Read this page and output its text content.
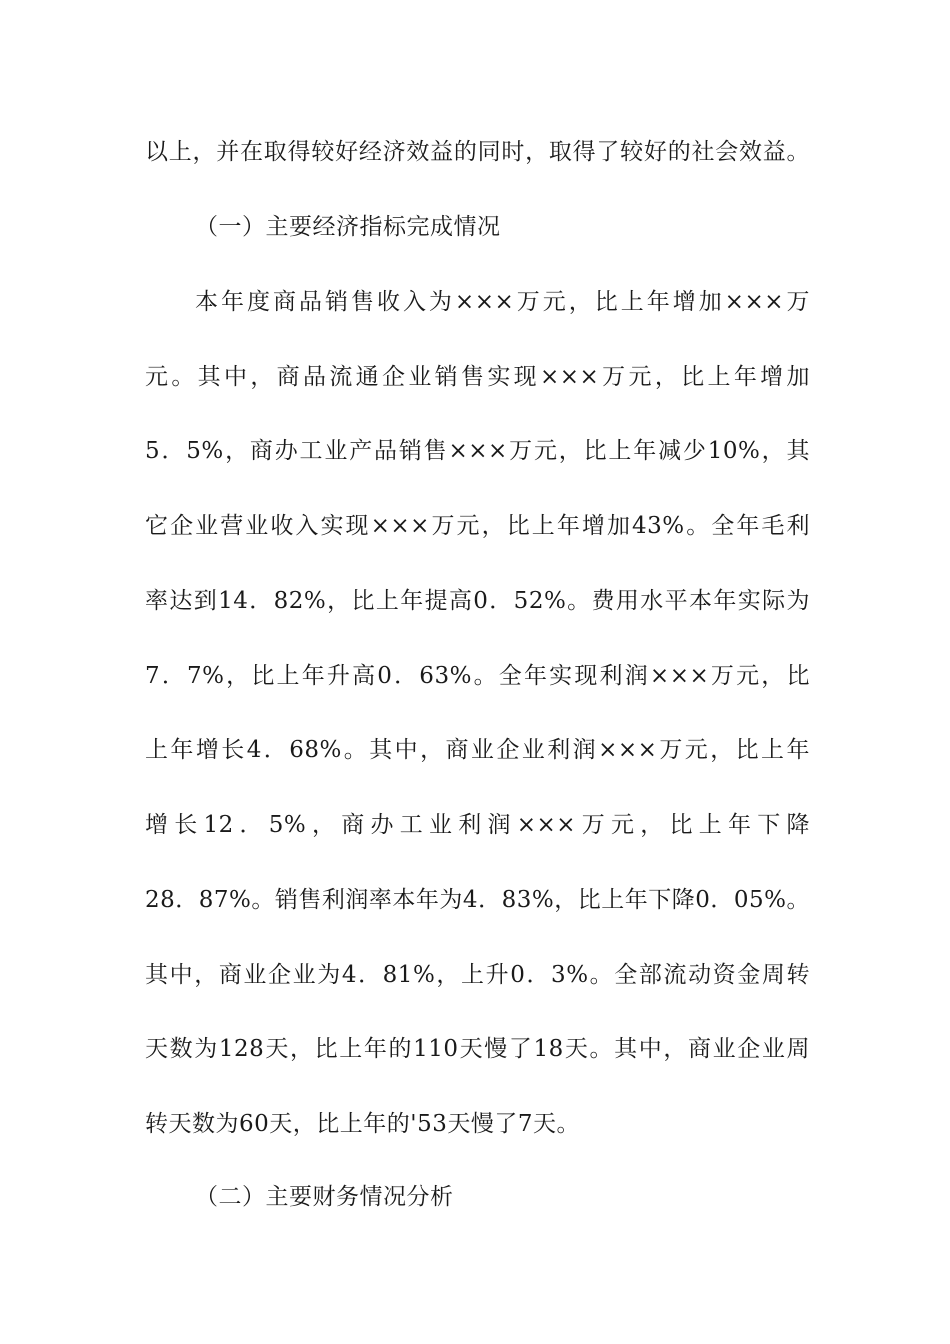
以上，并在取得较好经济效益的同时，取得了较好的社会效益。
（一）主要经济指标完成情况
本年度商品销售收入为×××万元，比上年增加×××万
元。其中，商品流通企业销售实现×××万元，比上年增加
5．5%，商办工业产品销售×××万元，比上年减少10%，其
它企业营业收入实现×××万元，比上年增加43%。全年毛利
率达到14．82%，比上年提高0．52%。费用水平本年实际为
7．7%，比上年升高0．63%。全年实现利润×××万元，比
上年增长4．68%。其中，商业企业利润×××万元，比上年
增长12．5%，商办工业利润×××万元，比上年下降
28．87%。销售利润率本年为4．83%，比上年下降0．05%。
其中，商业企业为4．81%，上升0．3%。全部流动资金周转
天数为128天，比上年的110天慢了18天。其中，商业企业周
转天数为60天，比上年的'53天慢了7天。
（二）主要财务情况分析
